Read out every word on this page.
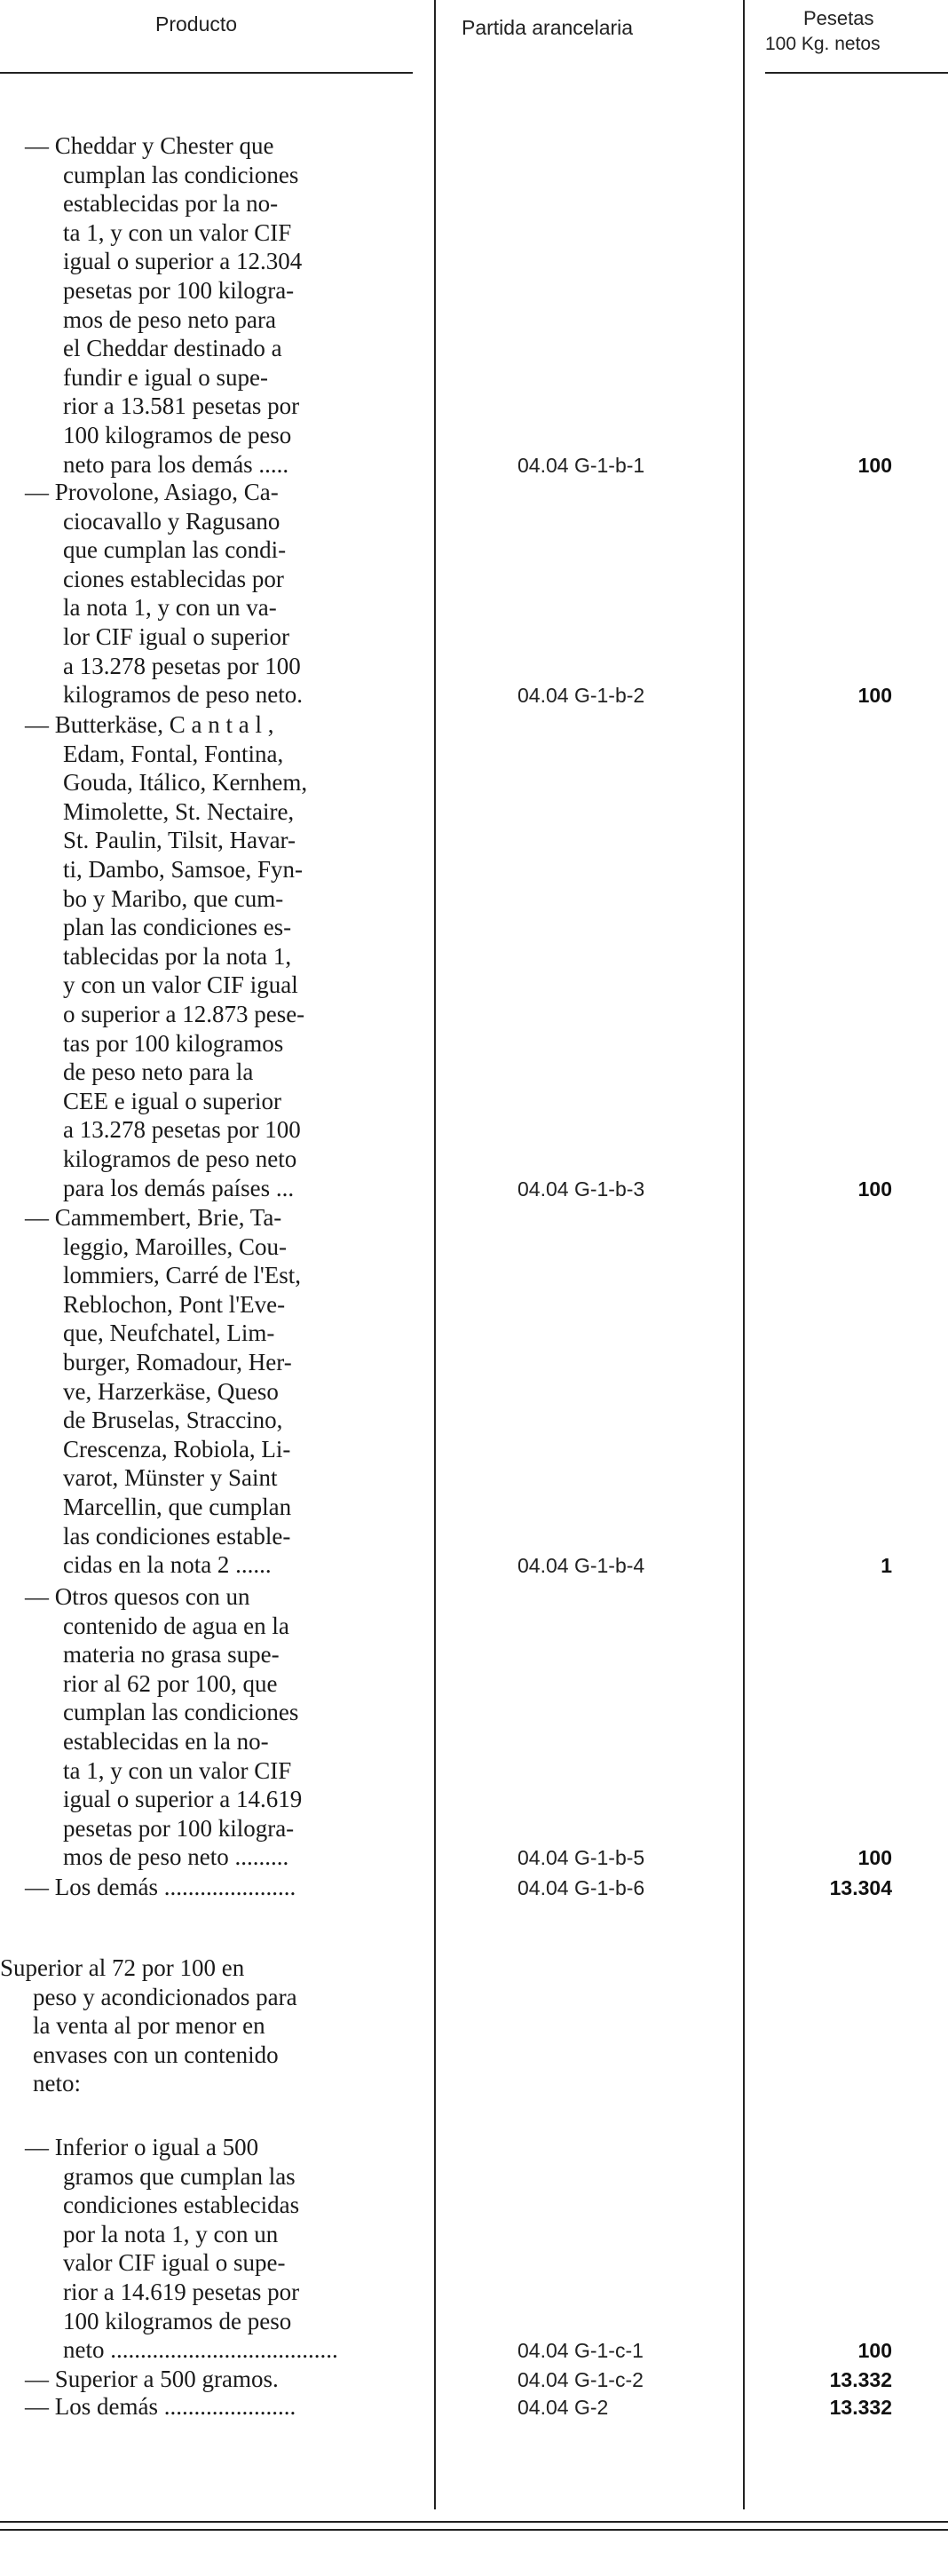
Producto	Partida arancelaria	Pesetas
100 Kg. netos
— Cheddar y Chester que
cumplan las condiciones
establecidas por la no-
ta 1, y con un valor CIF
igual o superior a 12.304
pesetas por 100 kilogra-
mos de peso neto para
el Cheddar destinado a
fundir e igual o supe-
rior a 13.581 pesetas por
100 kilogramos de peso
neto para los demás .....	04.04 G-1-b-1	100
— Provolone, Asiago, Ca-
ciocavallo y Ragusano
que cumplan las condi-
ciones establecidas por
la nota 1, y con un va-
lor CIF igual o superior
a 13.278 pesetas por 100
kilogramos de peso neto.	04.04 G-1-b-2	100
— Butterkäse, C a n t a l ,
Edam, Fontal, Fontina,
Gouda, Itálico, Kernhem,
Mimolette, St. Nectaire,
St. Paulin, Tilsit, Havar-
ti, Dambo, Samsoe, Fyn-
bo y Maribo, que cum-
plan las condiciones es-
tablecidas por la nota 1,
y con un valor CIF igual
o superior a 12.873 pese-
tas por 100 kilogramos
de peso neto para la
CEE e igual o superior
a 13.278 pesetas por 100
kilogramos de peso neto
para los demás países ...	04.04 G-1-b-3	100
— Cammembert, Brie, Ta-
leggio, Maroilles, Cou-
lommiers, Carré de l'Est,
Reblochon, Pont l'Eve-
que, Neufchatel, Lim-
burger, Romadour, Her-
ve, Harzerkäse, Queso
de Bruselas, Straccino,
Crescenza, Robiola, Li-
varot, Münster y Saint
Marcellin, que cumplan
las condiciones estable-
cidas en la nota 2 ......	04.04 G-1-b-4	1
— Otros quesos con un
contenido de agua en la
materia no grasa supe-
rior al 62 por 100, que
cumplan las condiciones
establecidas en la no-
ta 1, y con un valor CIF
igual o superior a 14.619
pesetas por 100 kilogra-
mos de peso neto .........	04.04 G-1-b-5	100
— Los demás ......................	04.04 G-1-b-6	13.304
Superior al 72 por 100 en
peso y acondicionados para
la venta al por menor en
envases con un contenido
neto:
— Inferior o igual a 500
gramos que cumplan las
condiciones establecidas
por la nota 1, y con un
valor CIF igual o supe-
rior a 14.619 pesetas por
100 kilogramos de peso
neto ......................................	04.04 G-1-c-1	100
— Superior a 500 gramos.	04.04 G-1-c-2	13.332
— Los demás ......................	04.04 G-2	13.332
